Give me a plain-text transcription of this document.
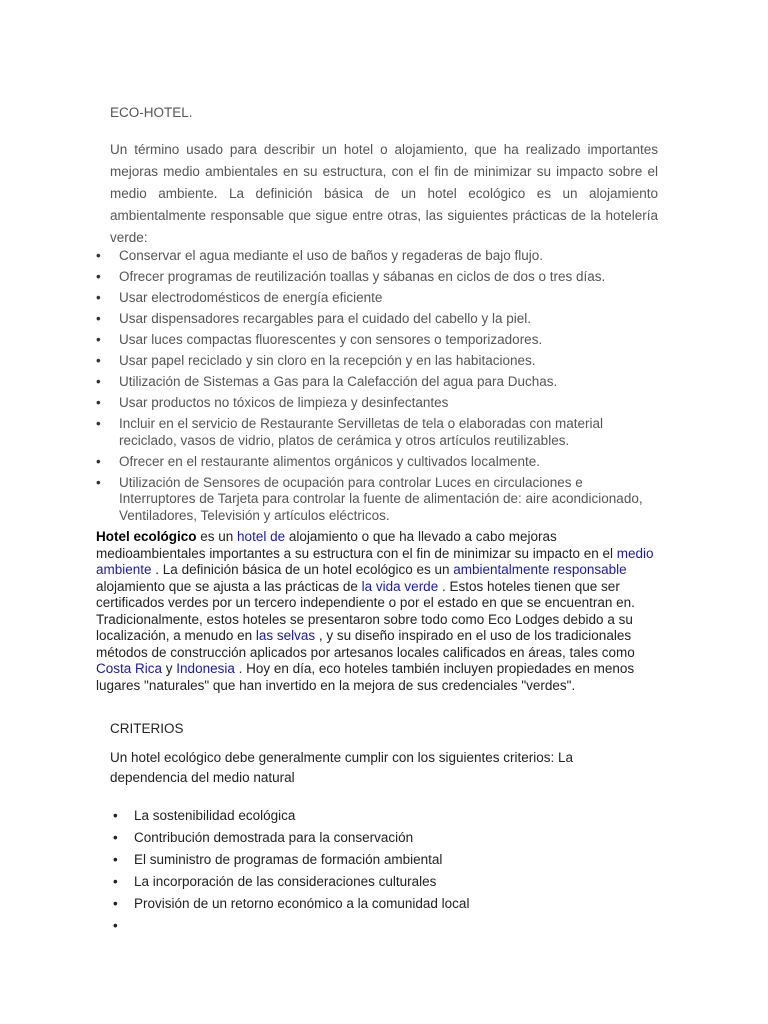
ECO-HOTEL.

Un término usado para describir un hotel o alojamiento, que ha realizado importantes mejoras medio ambientales en su estructura, con el fin de minimizar su impacto sobre el medio ambiente. La definición básica de un hotel ecológico es un alojamiento ambientalmente responsable que sigue entre otras, las siguientes prácticas de la hotelería verde:

• Conservar el agua mediante el uso de baños y regaderas de bajo flujo.
• Ofrecer programas de reutilización toallas y sábanas en ciclos de dos o tres días.
• Usar electrodomésticos de energía eficiente
• Usar dispensadores recargables para el cuidado del cabello y la piel.
• Usar luces compactas fluorescentes y con sensores o temporizadores.
• Usar papel reciclado y sin cloro en la recepción y en las habitaciones.
• Utilización de Sistemas a Gas para la Calefacción del agua para Duchas.
• Usar productos no tóxicos de limpieza y desinfectantes
• Incluir en el servicio de Restaurante Servilletas de tela o elaboradas con material reciclado, vasos de vidrio, platos de cerámica y otros artículos reutilizables.
• Ofrecer en el restaurante alimentos orgánicos y cultivados localmente.
• Utilización de Sensores de ocupación para controlar Luces en circulaciones e Interruptores de Tarjeta para controlar la fuente de alimentación de: aire acondicionado, Ventiladores, Televisión y artículos eléctricos.

Hotel ecológico es un hotel de alojamiento o que ha llevado a cabo mejoras medioambientales importantes a su estructura con el fin de minimizar su impacto en el medio ambiente . La definición básica de un hotel ecológico es un ambientalmente responsable alojamiento que se ajusta a las prácticas de la vida verde . Estos hoteles tienen que ser certificados verdes por un tercero independiente o por el estado en que se encuentran en. Tradicionalmente, estos hoteles se presentaron sobre todo como Eco Lodges debido a su localización, a menudo en las selvas , y su diseño inspirado en el uso de los tradicionales métodos de construcción aplicados por artesanos locales calificados en áreas, tales como Costa Rica y Indonesia . Hoy en día, eco hoteles también incluyen propiedades en menos lugares "naturales" que han invertido en la mejora de sus credenciales "verdes".

CRITERIOS

Un hotel ecológico debe generalmente cumplir con los siguientes criterios: La dependencia del medio natural

• La sostenibilidad ecológica
• Contribución demostrada para la conservación
• El suministro de programas de formación ambiental
• La incorporación de las consideraciones culturales
• Provisión de un retorno económico a la comunidad local
•
